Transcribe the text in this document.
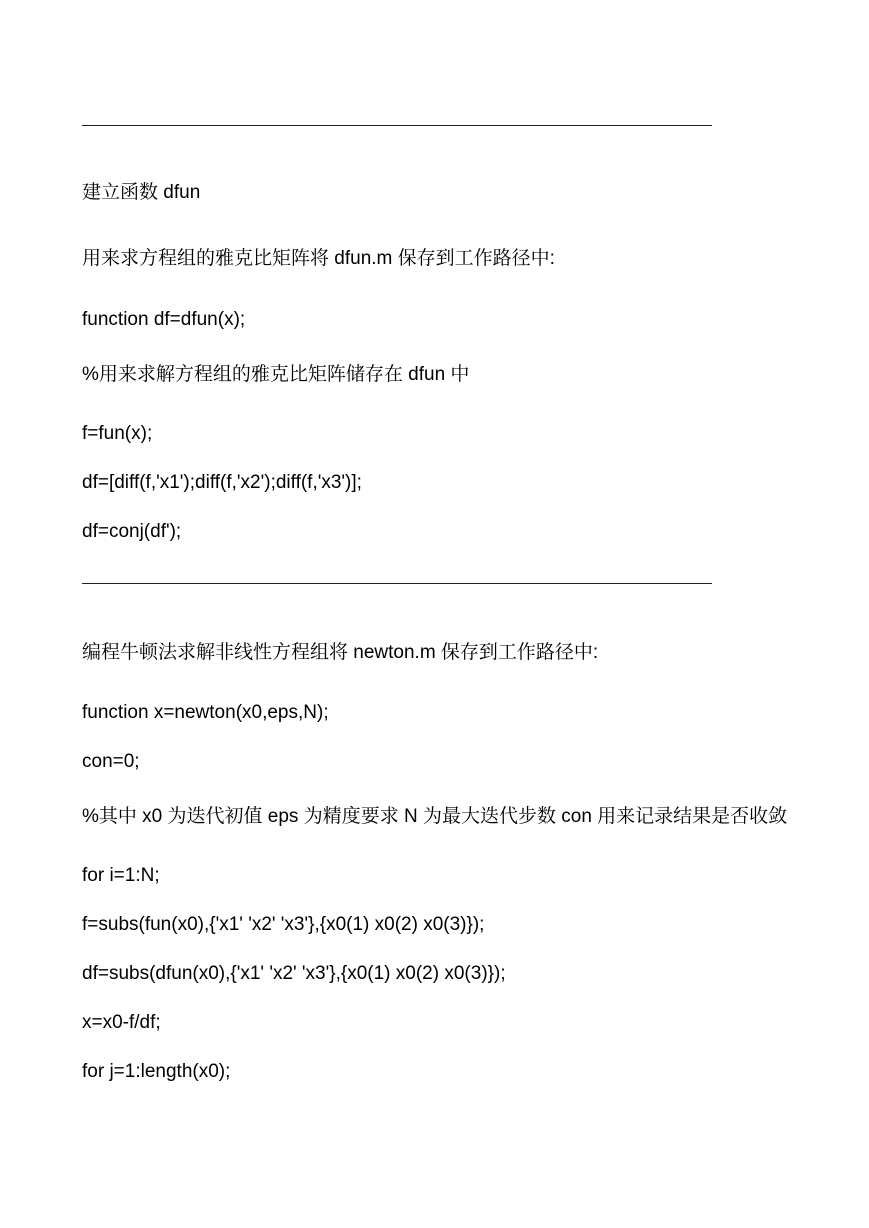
建立函数 dfun
用来求方程组的雅克比矩阵将 dfun.m 保存到工作路径中:
function df=dfun(x);
%用来求解方程组的雅克比矩阵储存在 dfun 中
f=fun(x);
df=[diff(f,'x1');diff(f,'x2');diff(f,'x3')];
df=conj(df');
编程牛顿法求解非线性方程组将 newton.m 保存到工作路径中:
function x=newton(x0,eps,N);
con=0;
%其中 x0 为迭代初值 eps 为精度要求 N 为最大迭代步数 con 用来记录结果是否收敛
for i=1:N;
f=subs(fun(x0),{'x1' 'x2' 'x3'},{x0(1) x0(2) x0(3)});
df=subs(dfun(x0),{'x1' 'x2' 'x3'},{x0(1) x0(2) x0(3)});
x=x0-f/df;
for j=1:length(x0);
